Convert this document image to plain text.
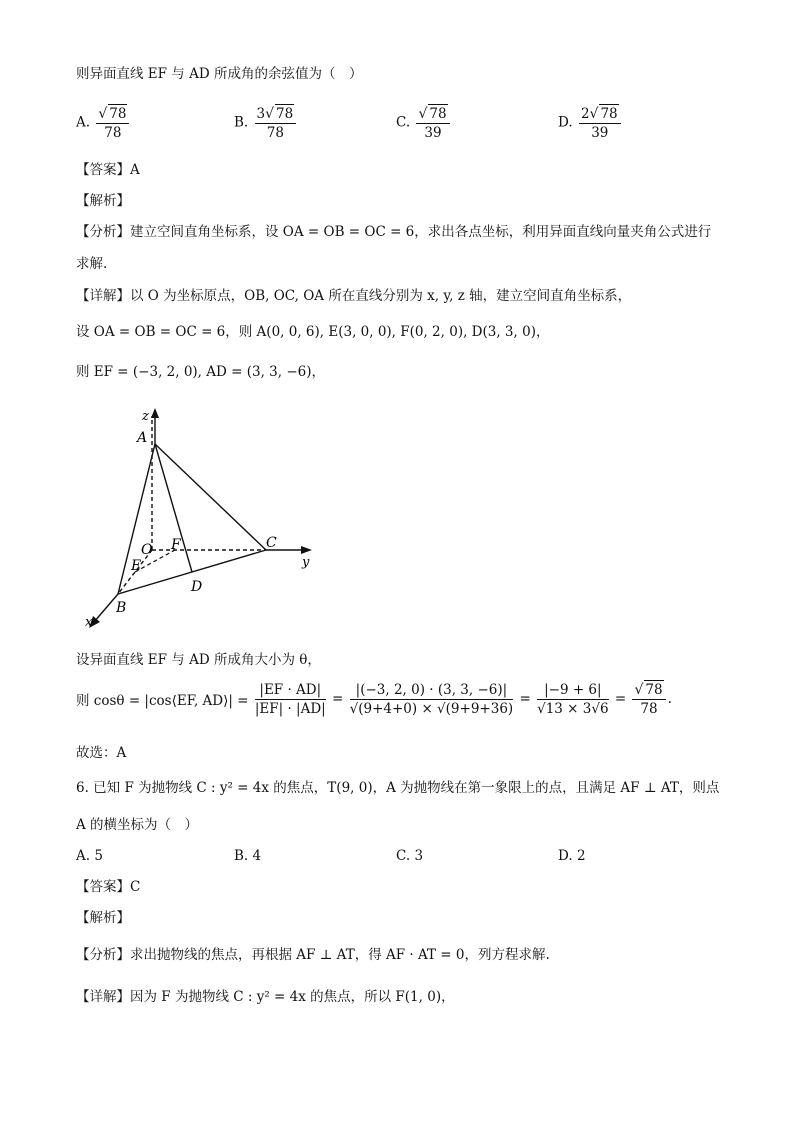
则异面直线 EF 与 AD 所成角的余弦值为（　）
A. $\frac{√ 78}{78}$	B. $\frac{3√ 78}{78}$	C. $\frac{√ 78}{39}$	D. $\frac{2√ 78}{39}$
【答案】A
【解析】
【分析】建立空间直角坐标系，设 OA = OB = OC = 6，求出各点坐标，利用异面直线向量夹角公式进行
求解.
【详解】以 O 为坐标原点，OB, OC, OA 所在直线分别为 x, y, z 轴，建立空间直角坐标系，
设 OA = OB = OC = 6，则 A(0, 0, 6), E(3, 0, 0), F(0, 2, 0), D(3, 3, 0)，
则 EF = (−3, 2, 0), AD = (3, 3, −6)，
z
A
O F	C
y
E
D
B
x
设异面直线 EF 与 AD 所成角大小为 θ，
则 cosθ = |cos⟨EF, AD⟩| = $\frac{|EF \cdot AD|}{|EF| \cdot |AD|} = \frac{|(-3, 2, 0) \cdot (3, 3, -6)|}{√(9+4+0) \times √(9+9+36)} = \frac{|-9 + 6|}{√13 \times 3√6} = \frac{√ 78}{78}$ .
故选：A
6. 已知 F 为抛物线 C : y² = 4x 的焦点，T(9, 0)，A 为抛物线在第一象限上的点，且满足 AF ⊥ AT，则点
A 的横坐标为（　）
A. 5	B. 4	C. 3	D. 2
【答案】C
【解析】
【分析】求出抛物线的焦点，再根据 AF ⊥ AT，得 AF · AT = 0，列方程求解.
【详解】因为 F 为抛物线 C : y² = 4x 的焦点，所以 F(1, 0)，
